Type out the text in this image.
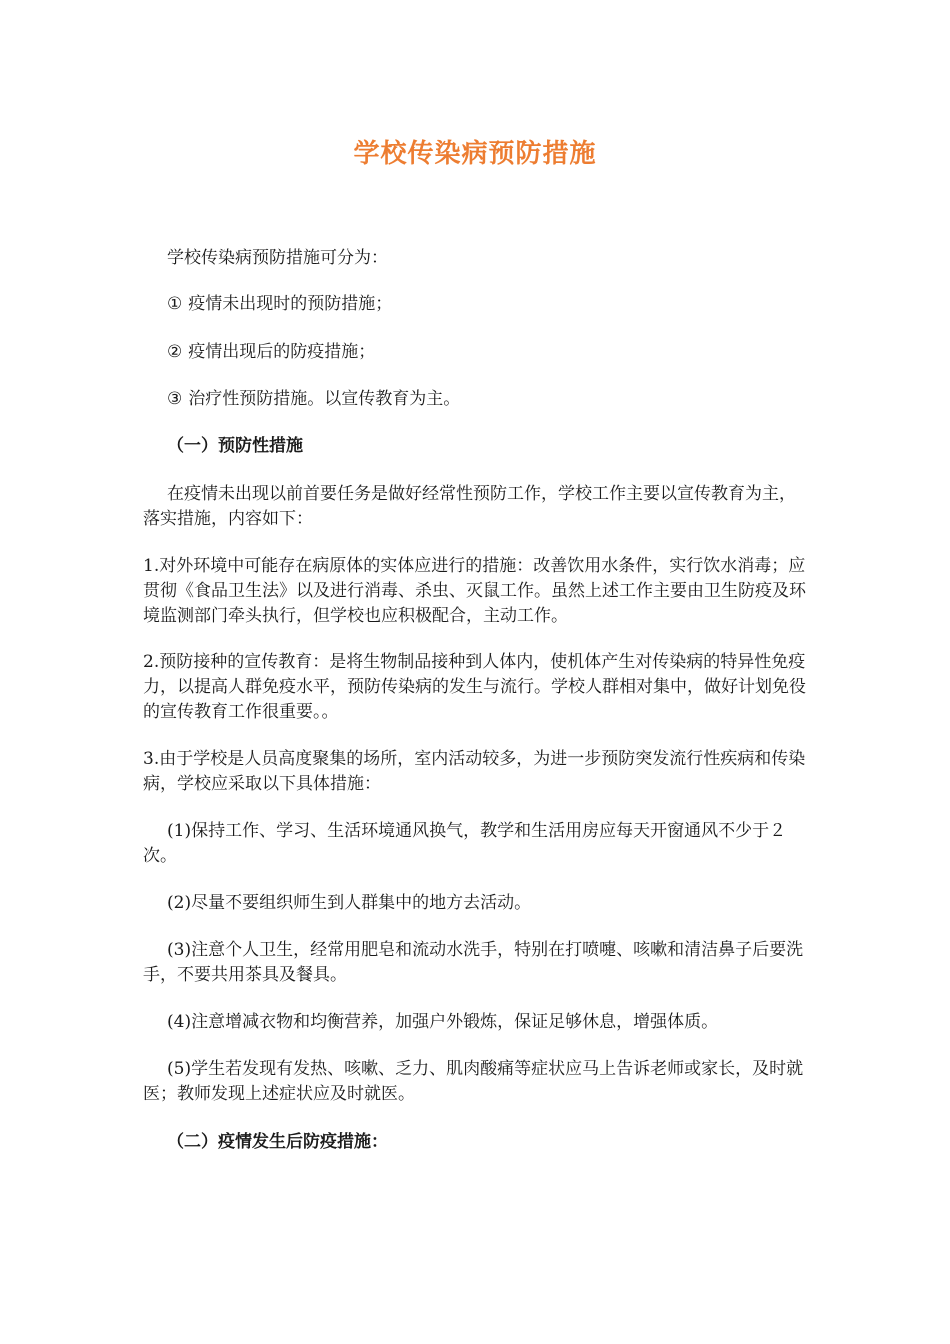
学校传染病预防措施

学校传染病预防措施可分为：

① 疫情未出现时的预防措施；

② 疫情出现后的防疫措施；

③ 治疗性预防措施。以宣传教育为主。

（一）预防性措施

在疫情未出现以前首要任务是做好经常性预防工作，学校工作主要以宣传教育为主，落实措施，内容如下：

1.对外环境中可能存在病原体的实体应进行的措施：改善饮用水条件，实行饮水消毒；应贯彻《食品卫生法》以及进行消毒、杀虫、灭鼠工作。虽然上述工作主要由卫生防疫及环境监测部门牵头执行，但学校也应积极配合，主动工作。

2.预防接种的宣传教育：是将生物制品接种到人体内，使机体产生对传染病的特异性免疫力，以提高人群免疫水平，预防传染病的发生与流行。学校人群相对集中，做好计划免役的宣传教育工作很重要。。

3.由于学校是人员高度聚集的场所，室内活动较多，为进一步预防突发流行性疾病和传染病，学校应采取以下具体措施：

(1)保持工作、学习、生活环境通风换气，教学和生活用房应每天开窗通风不少于２次。

(2)尽量不要组织师生到人群集中的地方去活动。

(3)注意个人卫生，经常用肥皂和流动水洗手，特别在打喷嚏、咳嗽和清洁鼻子后要洗手，不要共用茶具及餐具。

(4)注意增减衣物和均衡营养，加强户外锻炼，保证足够休息，增强体质。

(5)学生若发现有发热、咳嗽、乏力、肌肉酸痛等症状应马上告诉老师或家长，及时就医；教师发现上述症状应及时就医。

（二）疫情发生后防疫措施：
